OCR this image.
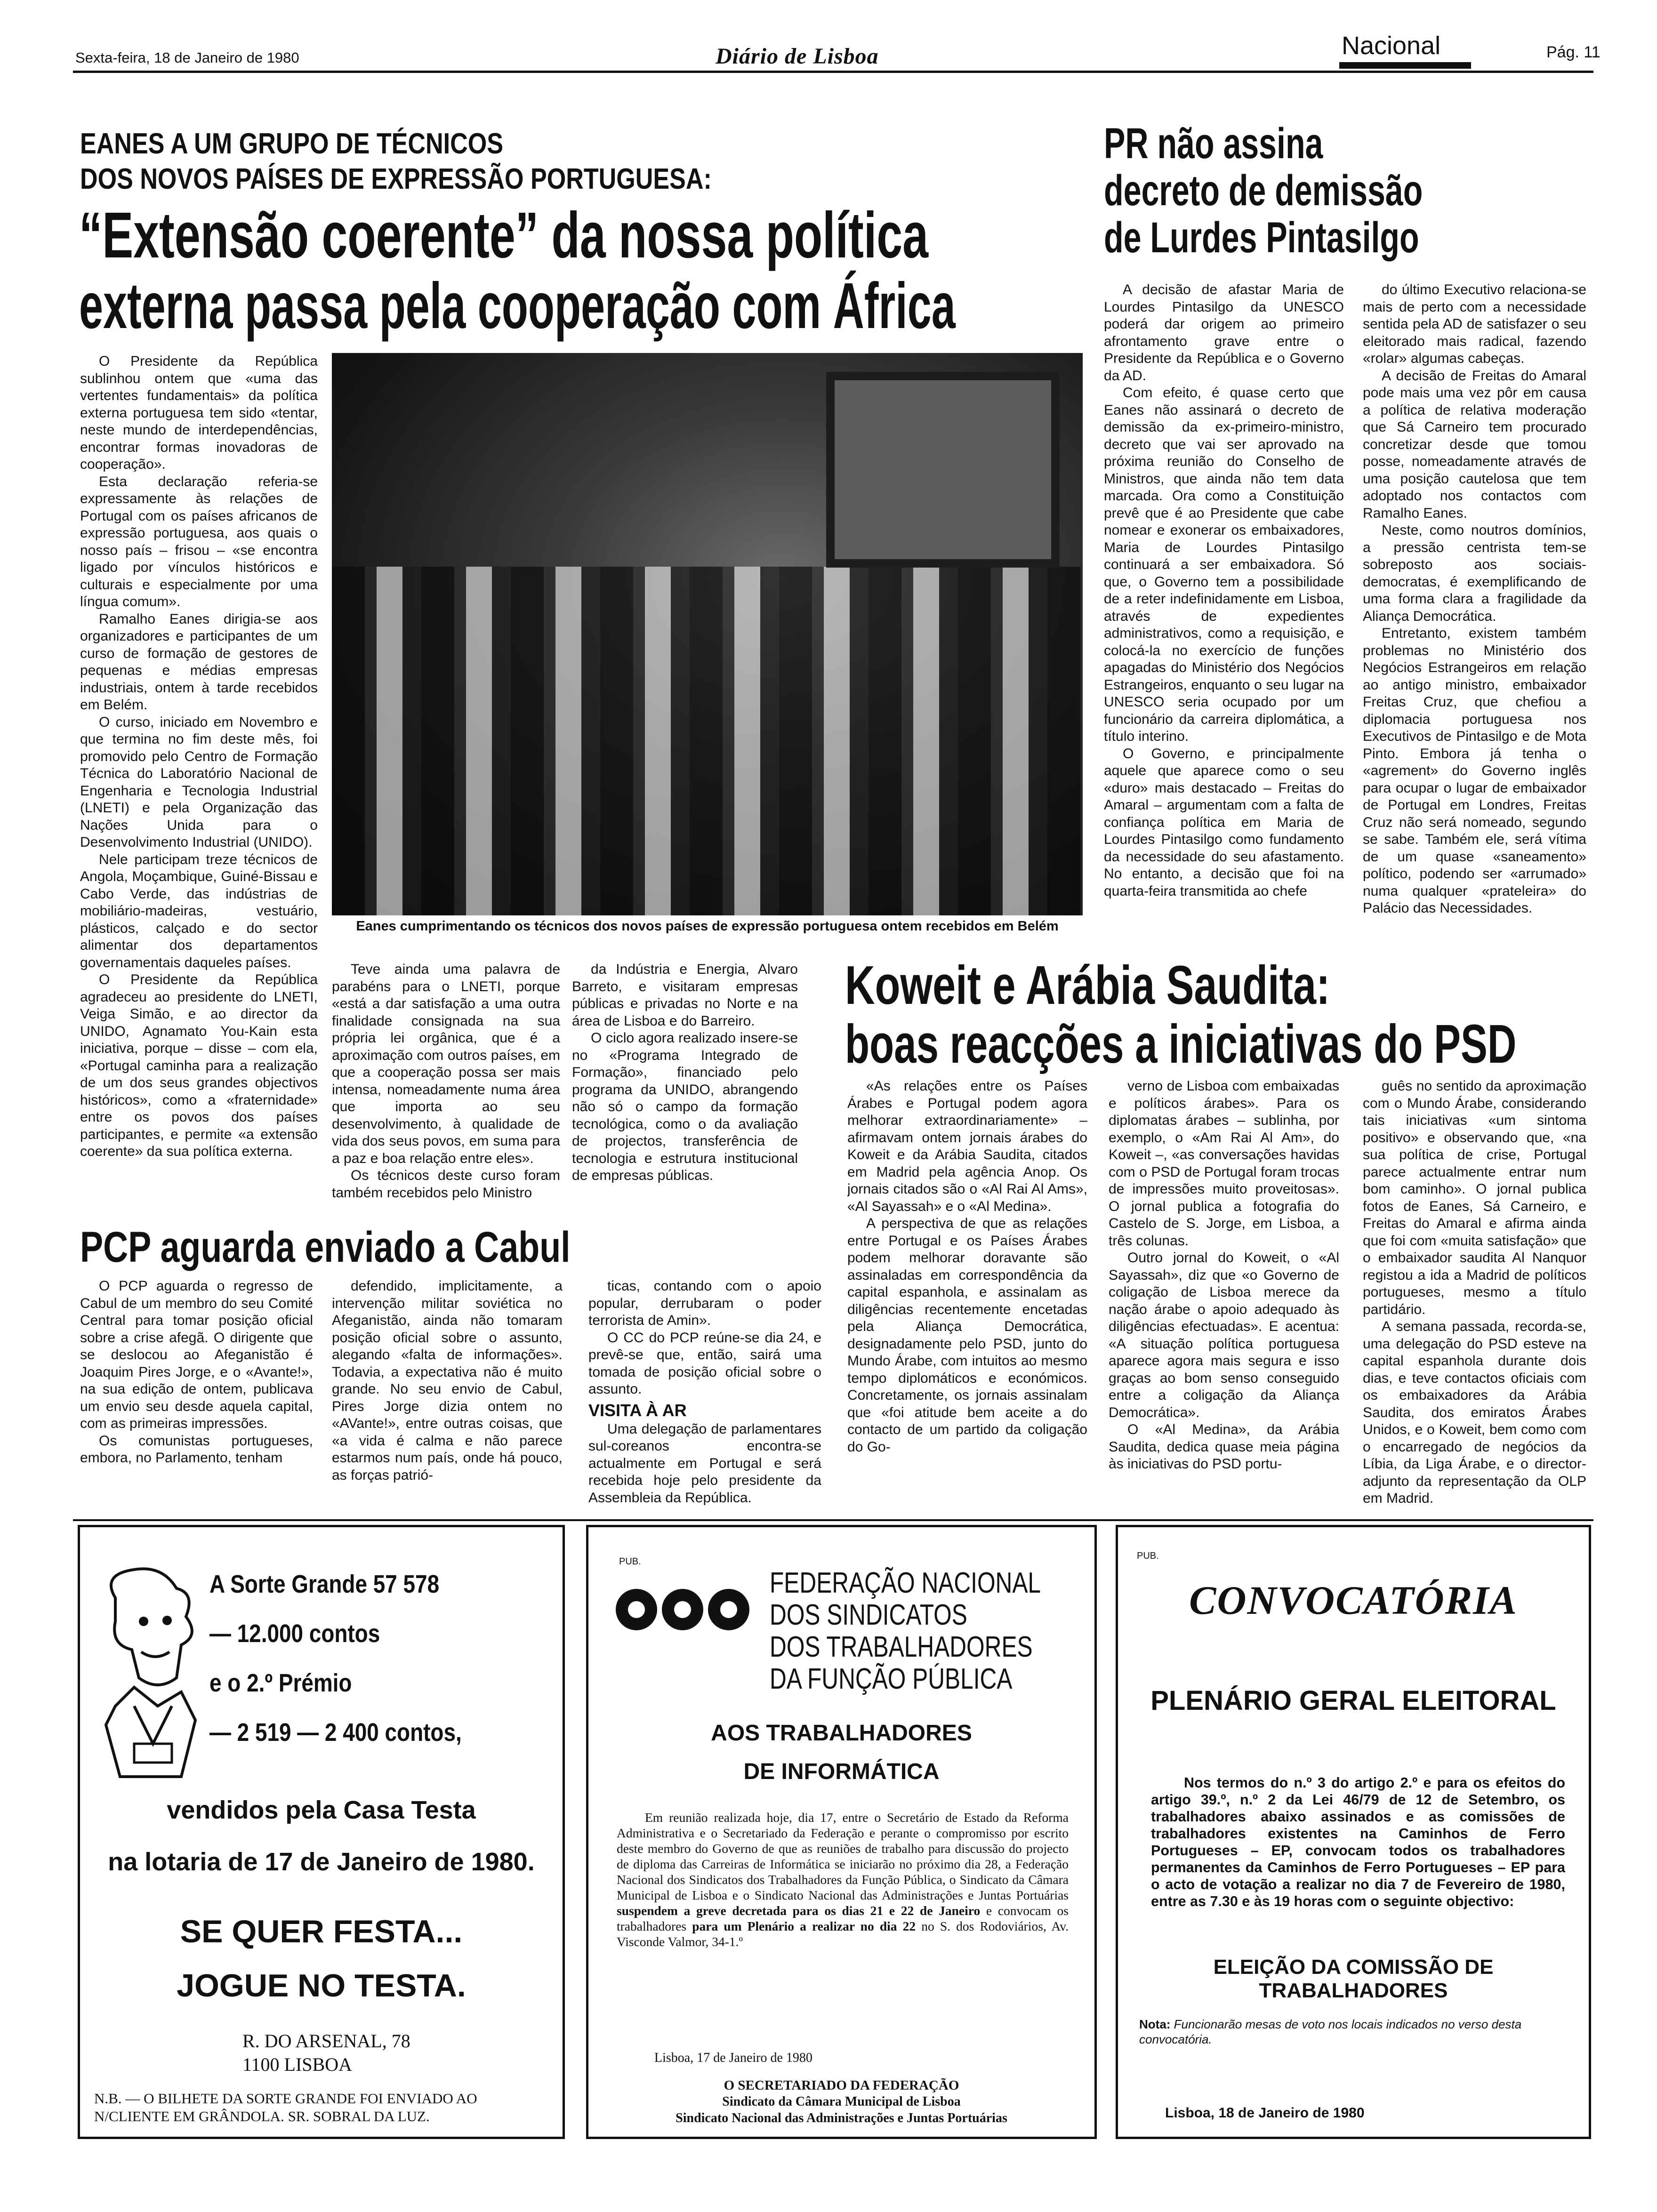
Sexta-feira, 18 de Janeiro de 1980	Diário de Lisboa	Nacional	Pág. 11
EANES A UM GRUPO DE TÉCNICOS
DOS NOVOS PAÍSES DE EXPRESSÃO PORTUGUESA:
“Extensão coerente” da nossa política
externa passa pela cooperação com África

O Presidente da República sublinhou ontem que «uma das vertentes fundamentais» da política externa portuguesa tem sido «tentar, neste mundo de interdependências, encontrar formas inovadoras de cooperação».

Esta declaração referia-se expressamente às relações de Portugal com os países africanos de expressão portuguesa, aos quais o nosso país – frisou – «se encontra ligado por vínculos históricos e culturais e especialmente por uma língua comum».

Ramalho Eanes dirigia-se aos organizadores e participantes de um curso de formação de gestores de pequenas e médias empresas industriais, ontem à tarde recebidos em Belém.

O curso, iniciado em Novembro e que termina no fim deste mês, foi promovido pelo Centro de Formação Técnica do Laboratório Nacional de Engenharia e Tecnologia Industrial (LNETI) e pela Organização das Nações Unida para o Desenvolvimento Industrial (UNIDO).

Nele participam treze técnicos de Angola, Moçambique, Guiné-Bissau e Cabo Verde, das indústrias de mobiliário-madeiras, vestuário, plásticos, calçado e do sector alimentar dos departamentos governamentais daqueles países.

O Presidente da República agradeceu ao presidente do LNETI, Veiga Simão, e ao director da UNIDO, Agnamato You-Kain esta iniciativa, porque – disse – com ela, «Portugal caminha para a realização de um dos seus grandes objectivos históricos», como a «fraternidade» entre os povos dos países participantes, e permite «a extensão coerente» da sua política externa.

Eanes cumprimentando os técnicos dos novos países de expressão portuguesa ontem recebidos em Belém

Teve ainda uma palavra de parabéns para o LNETI, porque «está a dar satisfação a uma outra finalidade consignada na sua própria lei orgânica, que é a aproximação com outros países, em que a cooperação possa ser mais intensa, nomeadamente numa área que importa ao seu desenvolvimento, à qualidade de vida dos seus povos, em suma para a paz e boa relação entre eles».

Os técnicos deste curso foram também recebidos pelo Ministro

da Indústria e Energia, Alvaro Barreto, e visitaram empresas públicas e privadas no Norte e na área de Lisboa e do Barreiro.

O ciclo agora realizado insere-se no «Programa Integrado de Formação», financiado pelo programa da UNIDO, abrangendo não só o campo da formação tecnológica, como o da avaliação de projectos, transferência de tecnologia e estrutura institucional de empresas públicas.

PR não assina
decreto de demissão
de Lurdes Pintasilgo

A decisão de afastar Maria de Lourdes Pintasilgo da UNESCO poderá dar origem ao primeiro afrontamento grave entre o Presidente da República e o Governo da AD.

Com efeito, é quase certo que Eanes não assinará o decreto de demissão da ex-primeiro-ministro, decreto que vai ser aprovado na próxima reunião do Conselho de Ministros, que ainda não tem data marcada. Ora como a Constituição prevê que é ao Presidente que cabe nomear e exonerar os embaixadores, Maria de Lourdes Pintasilgo continuará a ser embaixadora. Só que, o Governo tem a possibilidade de a reter indefinidamente em Lisboa, através de expedientes administrativos, como a requisição, e colocá-la no exercício de funções apagadas do Ministério dos Negócios Estrangeiros, enquanto o seu lugar na UNESCO seria ocupado por um funcionário da carreira diplomática, a título interino.

O Governo, e principalmente aquele que aparece como o seu «duro» mais destacado – Freitas do Amaral – argumentam com a falta de confiança política em Maria de Lourdes Pintasilgo como fundamento da necessidade do seu afastamento. No entanto, a decisão que foi na quarta-feira transmitida ao chefe

do último Executivo relaciona-se mais de perto com a necessidade sentida pela AD de satisfazer o seu eleitorado mais radical, fazendo «rolar» algumas cabeças.

A decisão de Freitas do Amaral pode mais uma vez pôr em causa a política de relativa moderação que Sá Carneiro tem procurado concretizar desde que tomou posse, nomeadamente através de uma posição cautelosa que tem adoptado nos contactos com Ramalho Eanes.

Neste, como noutros domínios, a pressão centrista tem-se sobreposto aos sociais-democratas, é exemplificando de uma forma clara a fragilidade da Aliança Democrática.

Entretanto, existem também problemas no Ministério dos Negócios Estrangeiros em relação ao antigo ministro, embaixador Freitas Cruz, que chefiou a diplomacia portuguesa nos Executivos de Pintasilgo e de Mota Pinto. Embora já tenha o «agrement» do Governo inglês para ocupar o lugar de embaixador de Portugal em Londres, Freitas Cruz não será nomeado, segundo se sabe. Também ele, será vítima de um quase «saneamento» político, podendo ser «arrumado» numa qualquer «prateleira» do Palácio das Necessidades.

Koweit e Arábia Saudita:
boas reacções a iniciativas do PSD

«As relações entre os Países Árabes e Portugal podem agora melhorar extraordinariamente» – afirmavam ontem jornais árabes do Koweit e da Arábia Saudita, citados em Madrid pela agência Anop. Os jornais citados são o «Al Rai Al Ams», «Al Sayassah» e o «Al Medina».

A perspectiva de que as relações entre Portugal e os Países Árabes podem melhorar doravante são assinaladas em correspondência da capital espanhola, e assinalam as diligências recentemente encetadas pela Aliança Democrática, designadamente pelo PSD, junto do Mundo Árabe, com intuitos ao mesmo tempo diplomáticos e económicos. Concretamente, os jornais assinalam que «foi atitude bem aceite a do contacto de um partido da coligação do Go-

verno de Lisboa com embaixadas e políticos árabes». Para os diplomatas árabes – sublinha, por exemplo, o «Am Rai Al Am», do Koweit –, «as conversações havidas com o PSD de Portugal foram trocas de impressões muito proveitosas». O jornal publica a fotografia do Castelo de S. Jorge, em Lisboa, a três colunas.

Outro jornal do Koweit, o «Al Sayassah», diz que «o Governo de coligação de Lisboa merece da nação árabe o apoio adequado às diligências efectuadas». E acentua: «A situação política portuguesa aparece agora mais segura e isso graças ao bom senso conseguido entre a coligação da Aliança Democrática».

O «Al Medina», da Arábia Saudita, dedica quase meia página às iniciativas do PSD portu-

guês no sentido da aproximação com o Mundo Árabe, considerando tais iniciativas «um sintoma positivo» e observando que, «na sua política de crise, Portugal parece actualmente entrar num bom caminho». O jornal publica fotos de Eanes, Sá Carneiro, e Freitas do Amaral e afirma ainda que foi com «muita satisfação» que o embaixador saudita Al Nanquor registou a ida a Madrid de políticos portugueses, mesmo a título partidário.

A semana passada, recorda-se, uma delegação do PSD esteve na capital espanhola durante dois dias, e teve contactos oficiais com os embaixadores da Arábia Saudita, dos emiratos Árabes Unidos, e o Koweit, bem como com o encarregado de negócios da Líbia, da Liga Árabe, e o director-adjunto da representação da OLP em Madrid.

PCP aguarda enviado a Cabul

O PCP aguarda o regresso de Cabul de um membro do seu Comité Central para tomar posição oficial sobre a crise afegã. O dirigente que se deslocou ao Afeganistão é Joaquim Pires Jorge, e o «Avante!», na sua edição de ontem, publicava um envio seu desde aquela capital, com as primeiras impressões.

Os comunistas portugueses, embora, no Parlamento, tenham

defendido, implicitamente, a intervenção militar soviética no Afeganistão, ainda não tomaram posição oficial sobre o assunto, alegando «falta de informações». Todavia, a expectativa não é muito grande. No seu envio de Cabul, Pires Jorge dizia ontem no «AVante!», entre outras coisas, que «a vida é calma e não parece estarmos num país, onde há pouco, as forças patrió-

ticas, contando com o apoio popular, derrubaram o poder terrorista de Amin».

O CC do PCP reúne-se dia 24, e prevê-se que, então, sairá uma tomada de posição oficial sobre o assunto.

VISITA À AR

Uma delegação de parlamentares sul-coreanos encontra-se actualmente em Portugal e será recebida hoje pelo presidente da Assembleia da República.

A Sorte Grande 57 578
— 12.000 contos
e o 2.º Prémio
— 2 519 — 2 400 contos,
vendidos pela Casa Testa
na lotaria de 17 de Janeiro de 1980.
SE QUER FESTA...
JOGUE NO TESTA.
R. DO ARSENAL, 78
1100 LISBOA
N.B. — O BILHETE DA SORTE GRANDE FOI ENVIADO AO N/CLIENTE EM GRÂNDOLA. SR. SOBRAL DA LUZ.
PUB.
FEDERAÇÃO NACIONAL
DOS SINDICATOS
DOS TRABALHADORES
DA FUNÇÃO PÚBLICA
AOS TRABALHADORES
DE INFORMÁTICA
Em reunião realizada hoje, dia 17, entre o Secretário de Estado da Reforma Administrativa e o Secretariado da Federação e perante o compromisso por escrito deste membro do Governo de que as reuniões de trabalho para discussão do projecto de diploma das Carreiras de Informática se iniciarão no próximo dia 28, a Federação Nacional dos Sindicatos dos Trabalhadores da Função Pública, o Sindicato da Câmara Municipal de Lisboa e o Sindicato Nacional das Administrações e Juntas Portuárias suspendem a greve decretada para os dias 21 e 22 de Janeiro e convocam os trabalhadores para um Plenário a realizar no dia 22 no S. dos Rodoviários, Av. Visconde Valmor, 34-1.º
Lisboa, 17 de Janeiro de 1980
O SECRETARIADO DA FEDERAÇÃO
Sindicato da Câmara Municipal de Lisboa
Sindicato Nacional das Administrações e Juntas Portuárias
PUB.
CONVOCATÓRIA
PLENÁRIO GERAL ELEITORAL
Nos termos do n.º 3 do artigo 2.º e para os efeitos do artigo 39.º, n.º 2 da Lei 46/79 de 12 de Setembro, os trabalhadores abaixo assinados e as comissões de trabalhadores existentes na Caminhos de Ferro Portugueses – EP, convocam todos os trabalhadores permanentes da Caminhos de Ferro Portugueses – EP para o acto de votação a realizar no dia 7 de Fevereiro de 1980, entre as 7.30 e às 19 horas com o seguinte objectivo:
ELEIÇÃO DA COMISSÃO DE TRABALHADORES
Nota: Funcionarão mesas de voto nos locais indicados no verso desta convocatória.
Lisboa, 18 de Janeiro de 1980
